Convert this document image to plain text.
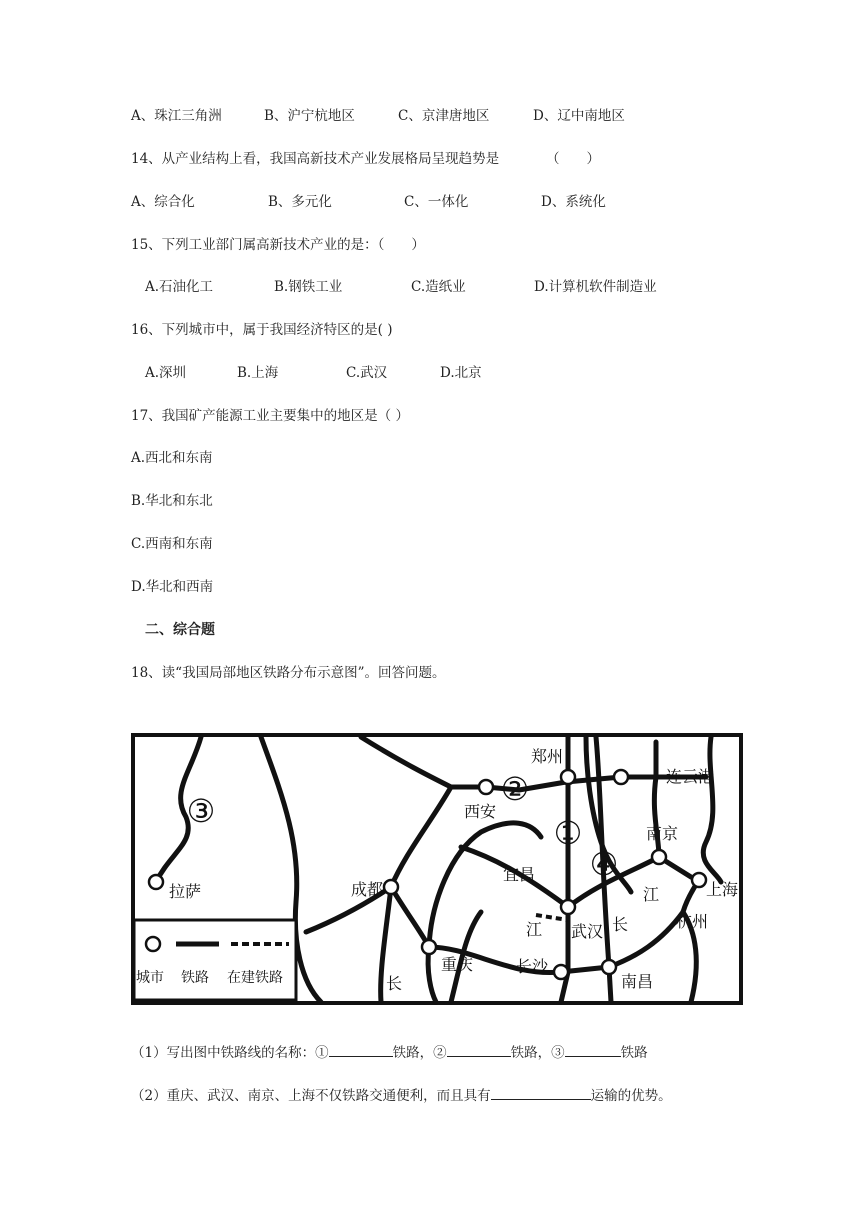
A、珠江三角洲	B、沪宁杭地区	C、京津唐地区	D、辽中南地区
14、从产业结构上看，我国高新技术产业发展格局呈现趋势是	（　　）
A、综合化	B、多元化	C、一体化	D、系统化
15、下列工业部门属高新技术产业的是：（　　）
A.石油化工	B.钢铁工业	C.造纸业	D.计算机软件制造业
16、下列城市中，属于我国经济特区的是( )
A.深圳	B.上海	C.武汉	D.北京
17、我国矿产能源工业主要集中的地区是（ ）
A.西北和东南
B.华北和东北
C.西南和东南
D.华北和西南
二、综合题
18、读“我国局部地区铁路分布示意图”。回答问题。
③
②
①
④
拉萨
西安
郑州
连云港
南京
上海
杭州
成都
重庆
宜昌
武汉
长沙
南昌
江
长
长
江
城市 铁路 在建铁路
（1）写出图中铁路线的名称：①	铁路，②	铁路，③	铁路
（2）重庆、武汉、南京、上海不仅铁路交通便利，而且具有	运输的优势。
